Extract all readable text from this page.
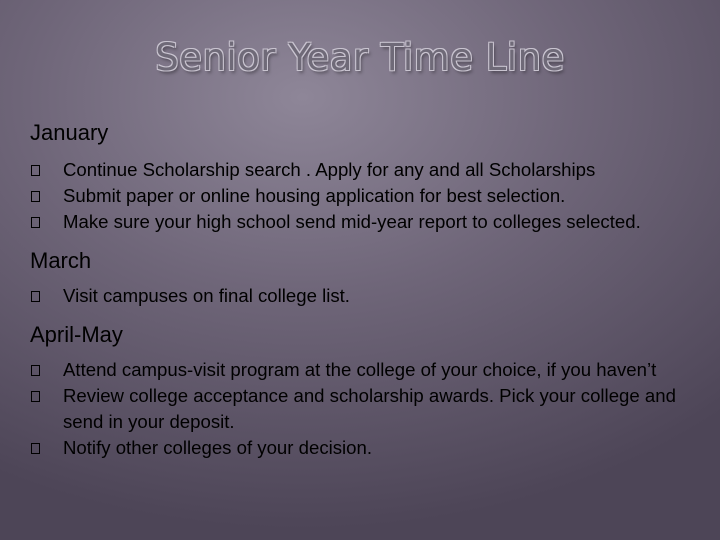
Senior Year Time Line
January
Continue Scholarship search . Apply for any and all Scholarships
Submit paper or online housing application for best selection.
Make sure your high school send mid-year report to colleges selected.
March
Visit campuses on final college list.
April-May
Attend campus-visit program at the college of your choice, if you haven’t
Review college acceptance and scholarship awards. Pick your college and send in your deposit.
Notify other colleges of your decision.
